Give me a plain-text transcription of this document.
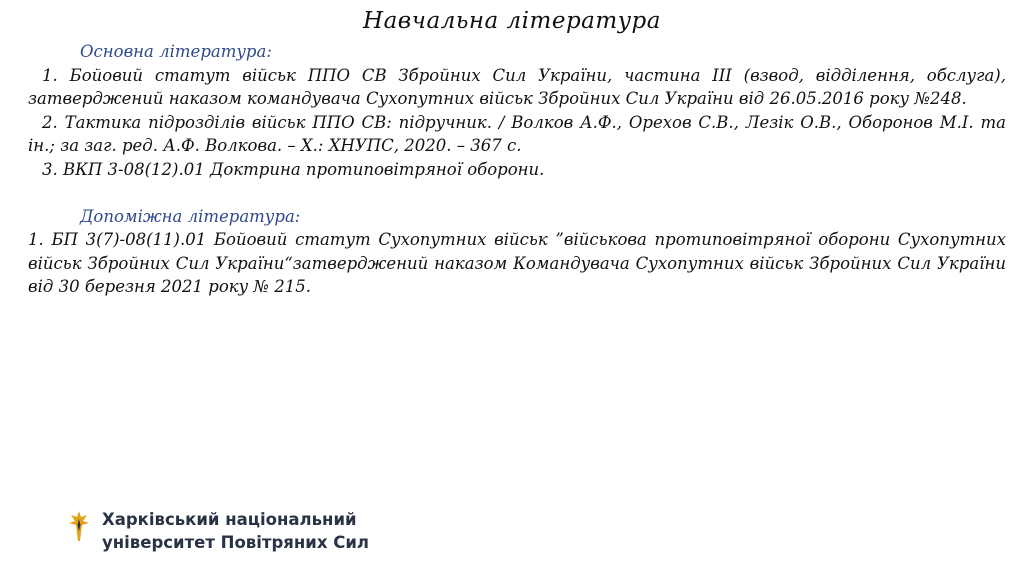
Навчальна література
Основна література:
1. Бойовий статут військ ППО СВ Збройних Сил України, частина ІІІ (взвод, відділення, обслуга), затверджений наказом командувача Сухопутних військ Збройних Сил України від 26.05.2016 року №248.
2. Тактика підрозділів військ ППО СВ: підручник. / Волков А.Ф., Орехов С.В., Лезік О.В., Оборонов М.І. та ін.; за заг. ред. А.Ф. Волкова. – Х.: ХНУПС, 2020. – 367 с.
3. ВКП 3-08(12).01 Доктрина протиповітряної оборони.
Допоміжна література:
1. БП 3(7)-08(11).01 Бойовий статут Сухопутних військ ”військова протиповітряної оборони Сухопутних військ Збройних Сил України“затверджений наказом Командувача Сухопутних військ Збройних Сил України від 30 березня 2021 року № 215.
Харківський національний
університет Повітряних Сил
